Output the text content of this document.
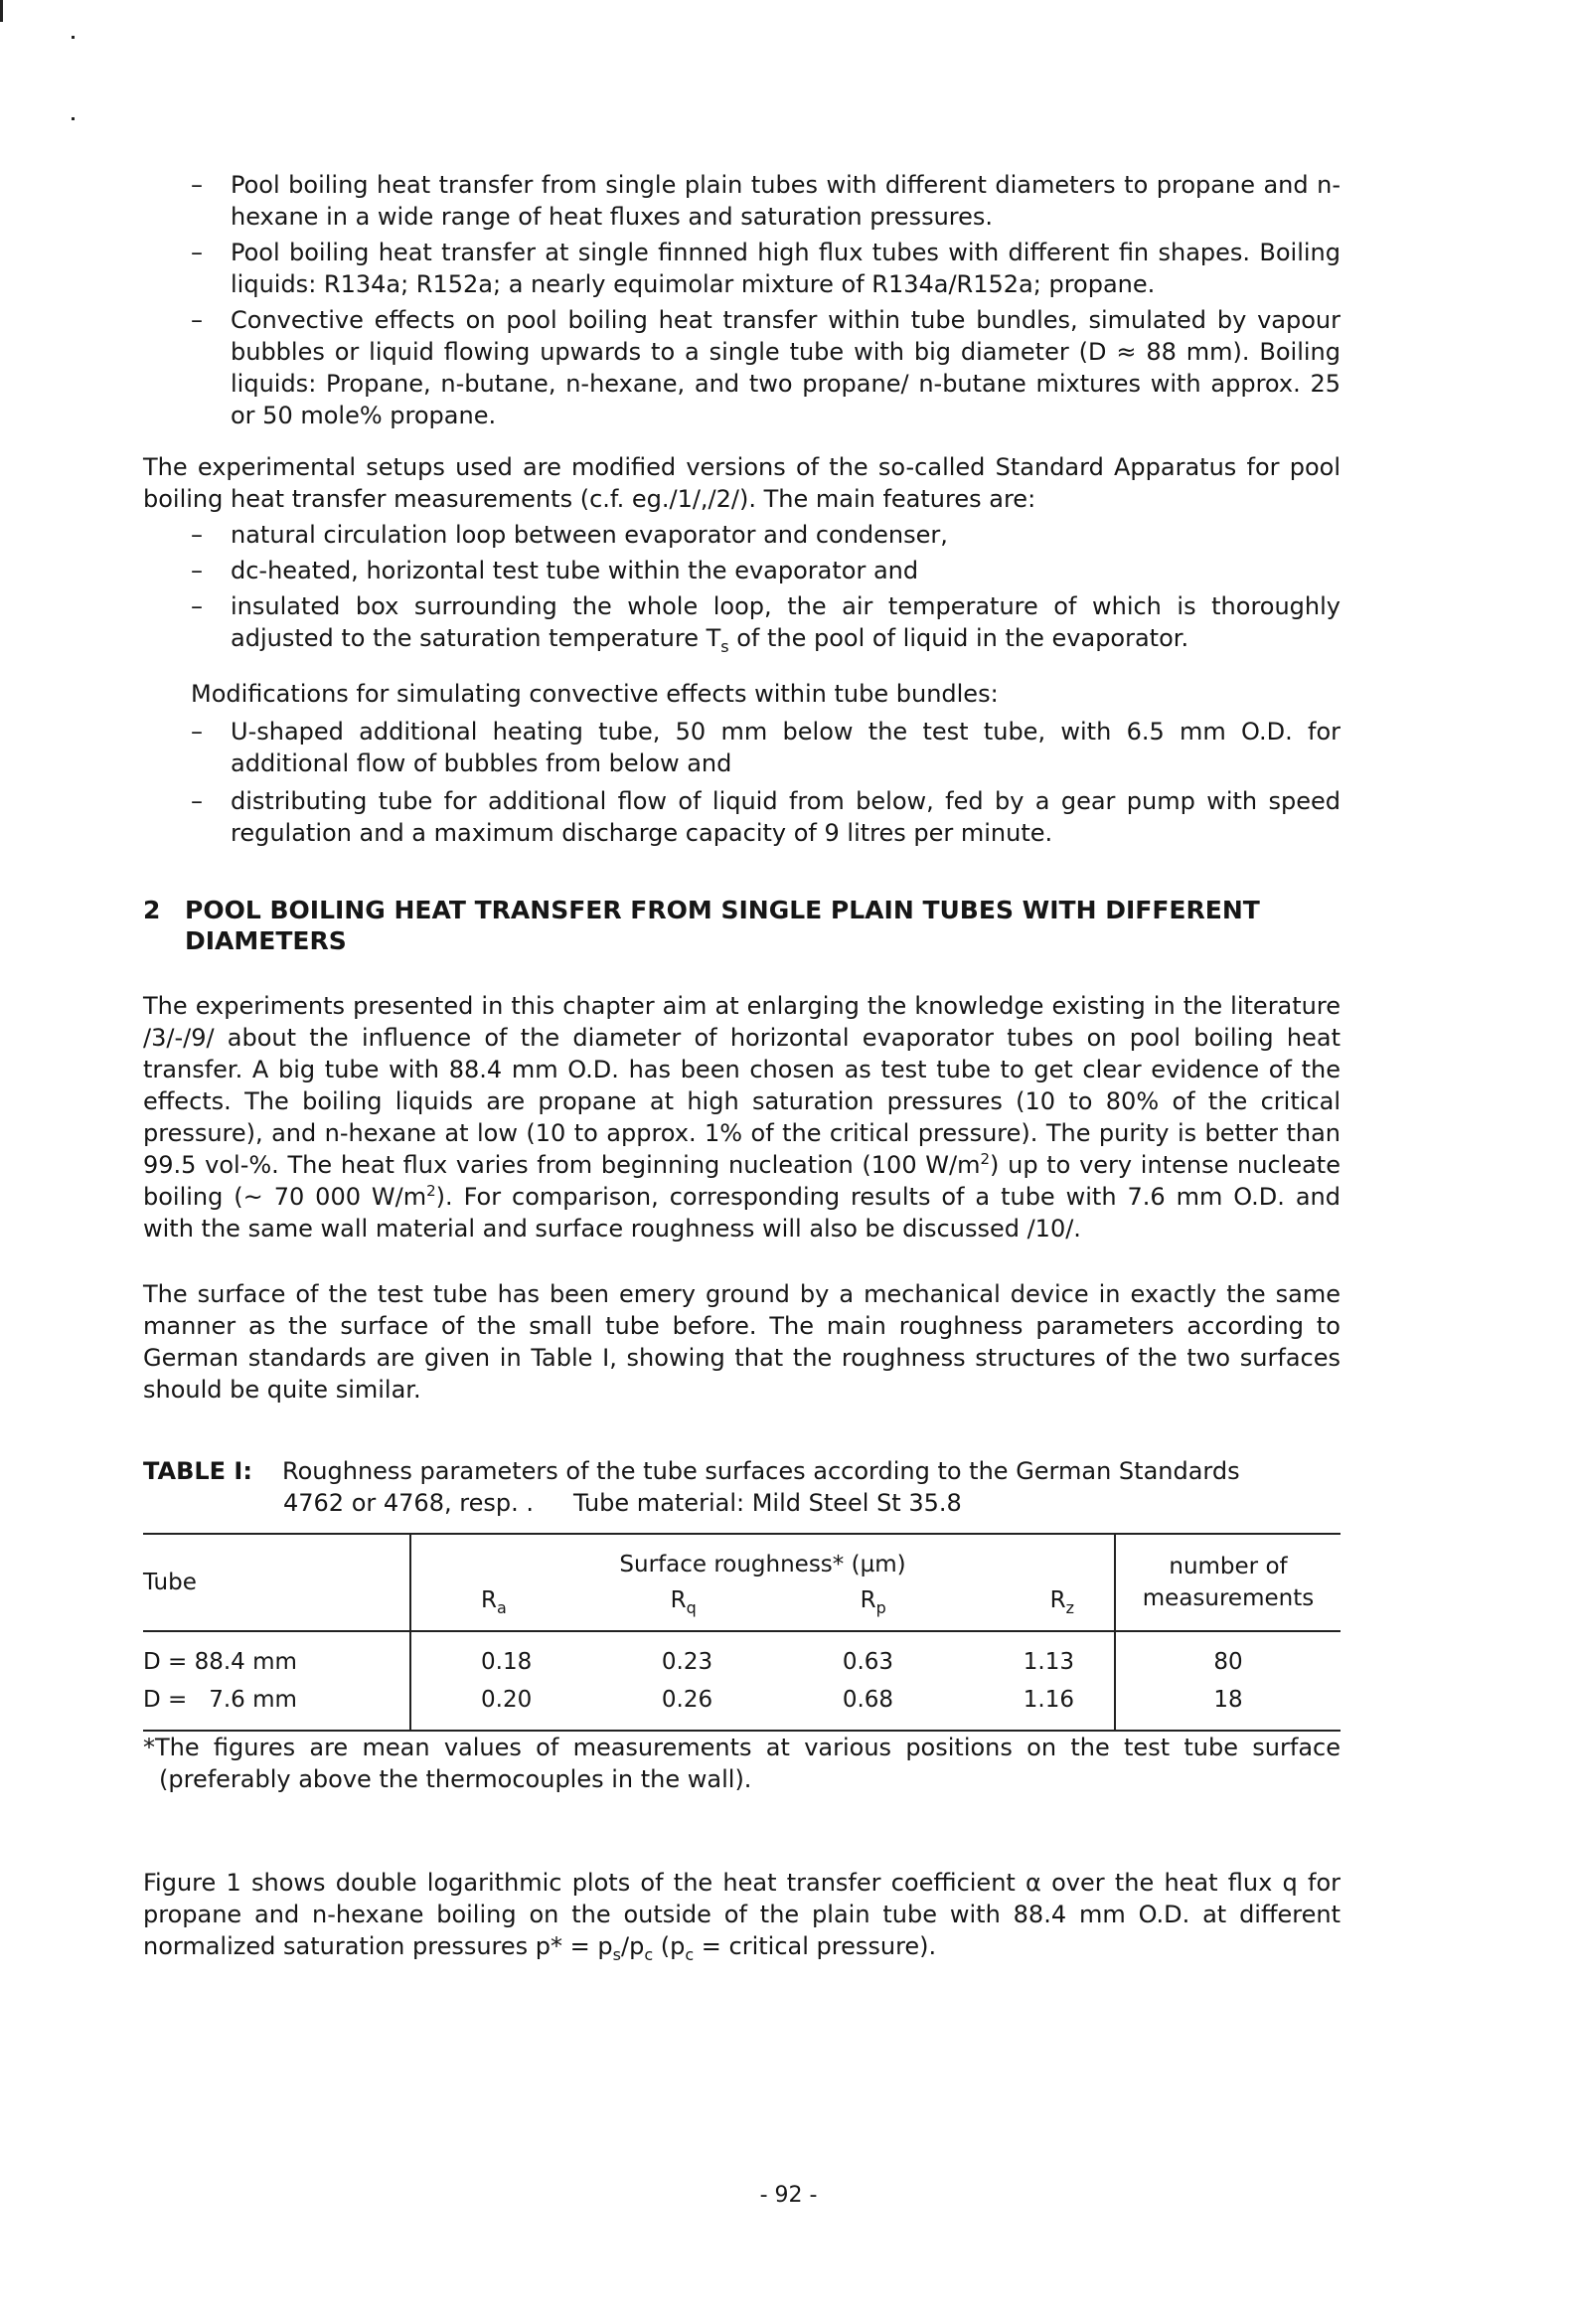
– Pool boiling heat transfer from single plain tubes with different diameters to propane and n-hexane in a wide range of heat fluxes and saturation pressures.
– Pool boiling heat transfer at single finnned high flux tubes with different fin shapes. Boiling liquids: R134a; R152a; a nearly equimolar mixture of R134a/R152a; propane.
– Convective effects on pool boiling heat transfer within tube bundles, simulated by vapour bubbles or liquid flowing upwards to a single tube with big diameter (D ≈ 88 mm). Boiling liquids: Propane, n-butane, n-hexane, and two propane/ n-butane mixtures with approx. 25 or 50 mole% propane.

The experimental setups used are modified versions of the so-called Standard Apparatus for pool boiling heat transfer measurements (c.f. eg./1/,/2/). The main features are:

– natural circulation loop between evaporator and condenser,
– dc-heated, horizontal test tube within the evaporator and
– insulated box surrounding the whole loop, the air temperature of which is thoroughly adjusted to the saturation temperature $T_s$ of the pool of liquid in the evaporator.

Modifications for simulating convective effects within tube bundles:

– U-shaped additional heating tube, 50 mm below the test tube, with 6.5 mm O.D. for additional flow of bubbles from below and
– distributing tube for additional flow of liquid from below, fed by a gear pump with speed regulation and a maximum discharge capacity of 9 litres per minute.
2 POOL BOILING HEAT TRANSFER FROM SINGLE PLAIN TUBES WITH DIFFERENT DIAMETERS

The experiments presented in this chapter aim at enlarging the knowledge existing in the literature /3/-/9/ about the influence of the diameter of horizontal evaporator tubes on pool boiling heat transfer. A big tube with 88.4 mm O.D. has been chosen as test tube to get clear evidence of the effects. The boiling liquids are propane at high saturation pressures (10 to 80% of the critical pressure), and n-hexane at low (10 to approx. 1% of the critical pressure). The purity is better than 99.5 vol-%. The heat flux varies from beginning nucleation (100 $W/m^2$) up to very intense nucleate boiling (~ 70 000 $W/m^2$). For comparison, corresponding results of a tube with 7.6 mm O.D. and with the same wall material and surface roughness will also be discussed /10/.

The surface of the test tube has been emery ground by a mechanical device in exactly the same manner as the surface of the small tube before. The main roughness parameters according to German standards are given in Table I, showing that the roughness structures of the two surfaces should be quite similar.

TABLE I: Roughness parameters of the tube surfaces according to the German Standards
4762 or 4768, resp. . Tube material: Mild Steel St 35.8
Tube	Surface roughness* (µm)
$R_a$ $R_q$ $R_p$ $R_z$	number of measurements
D = 88.4 mm	0.18 0.23 0.63 1.13	80
D =   7.6 mm	0.20 0.26 0.68 1.16	18

*The figures are mean values of measurements at various positions on the test tube surface (preferably above the thermocouples in the wall).

Figure 1 shows double logarithmic plots of the heat transfer coefficient α over the heat flux q for propane and n-hexane boiling on the outside of the plain tube with 88.4 mm O.D. at different normalized saturation pressures $p* = p_s/p_c$ ($p_c$ = critical pressure).

- 92 -
